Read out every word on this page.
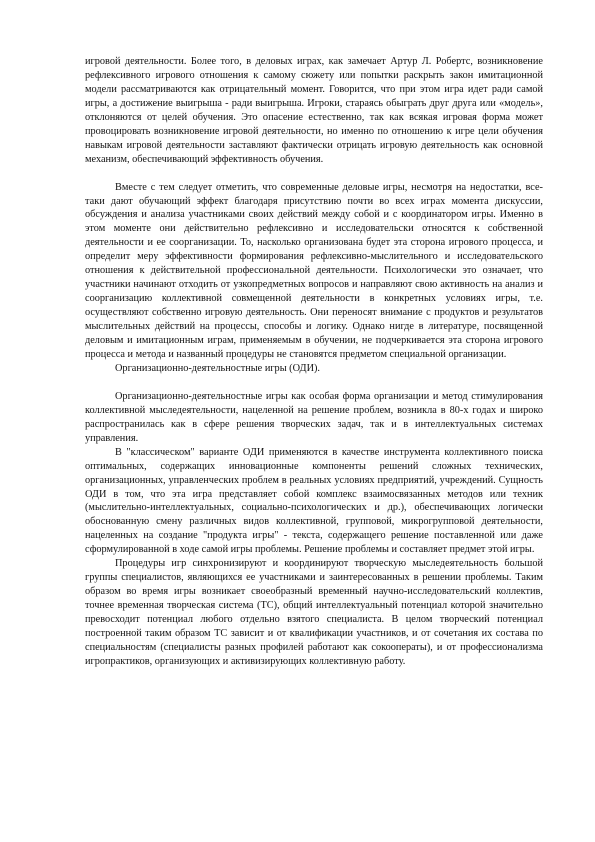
игровой деятельности. Более того, в деловых играх, как замечает Артур Л. Робертс, возникновение рефлексивного игрового отношения к самому сюжету или попытки раскрыть закон имитационной модели рассматриваются как отрицательный момент. Говорится, что при этом игра идет ради самой игры, а достижение выигрыша - ради выигрыша. Игроки, стараясь обыграть друг друга или «модель», отклоняются от целей обучения. Это опасение естественно, так как всякая игровая форма может провоцировать возникновение игровой деятельности, но именно по отношению к игре цели обучения навыкам игровой деятельности заставляют фактически отрицать игровую деятельность как основной механизм, обеспечивающий эффективность обучения.

Вместе с тем следует отметить, что современные деловые игры, несмотря на недостатки, все-таки дают обучающий эффект благодаря присутствию почти во всех играх момента дискуссии, обсуждения и анализа участниками своих действий между собой и с координатором игры. Именно в этом моменте они действительно рефлексивно и исследовательски относятся к собственной деятельности и ее соорганизации. То, насколько организована будет эта сторона игрового процесса, и определит меру эффективности формирования рефлексивно-мыслительного и исследовательского отношения к действительной профессиональной деятельности. Психологически это означает, что участники начинают отходить от узкопредметных вопросов и направляют свою активность на анализ и соорганизацию коллективной совмещенной деятельности в конкретных условиях игры, т.е. осуществляют собственно игровую деятельность. Они переносят внимание с продуктов и результатов мыслительных действий на процессы, способы и логику. Однако нигде в литературе, посвященной деловым и имитационным играм, применяемым в обучении, не подчеркивается эта сторона игрового процесса и метода и названный процедуры не становятся предметом специальной организации.

Организационно-деятельностные игры (ОДИ).

Организационно-деятельностные игры как особая форма организации и метод стимулирования коллективной мыследеятельности, нацеленной на решение проблем, возникла в 80-х годах и широко распространилась как в сфере решения творческих задач, так и в интеллектуальных системах управления.

В "классическом" варианте ОДИ применяются в качестве инструмента коллективного поиска оптимальных, содержащих инновационные компоненты решений сложных технических, организационных, управленческих проблем в реальных условиях предприятий, учреждений. Сущность ОДИ в том, что эта игра представляет собой комплекс взаимосвязанных методов или техник (мыслительно-интеллектуальных, социально-психологических и др.), обеспечивающих логически обоснованную смену различных видов коллективной, групповой, микрогрупповой деятельности, нацеленных на создание "продукта игры" - текста, содержащего решение поставленной или даже сформулированной в ходе самой игры проблемы. Решение проблемы и составляет предмет этой игры.

Процедуры игр синхронизируют и координируют творческую мыследеятельность большой группы специалистов, являющихся ее участниками и заинтересованных в решении проблемы. Таким образом во время игры возникает своеобразный временный научно-исследовательский коллектив, точнее временная творческая система (ТС), общий интеллектуальный потенциал которой значительно превосходит потенциал любого отдельно взятого специалиста. В целом творческий потенциал построенной таким образом ТС зависит и от квалификации участников, и от сочетания их состава по специальностям (специалисты разных профилей работают как сокооператы), и от профессионализма игропрактиков, организующих и активизирующих коллективную работу.
